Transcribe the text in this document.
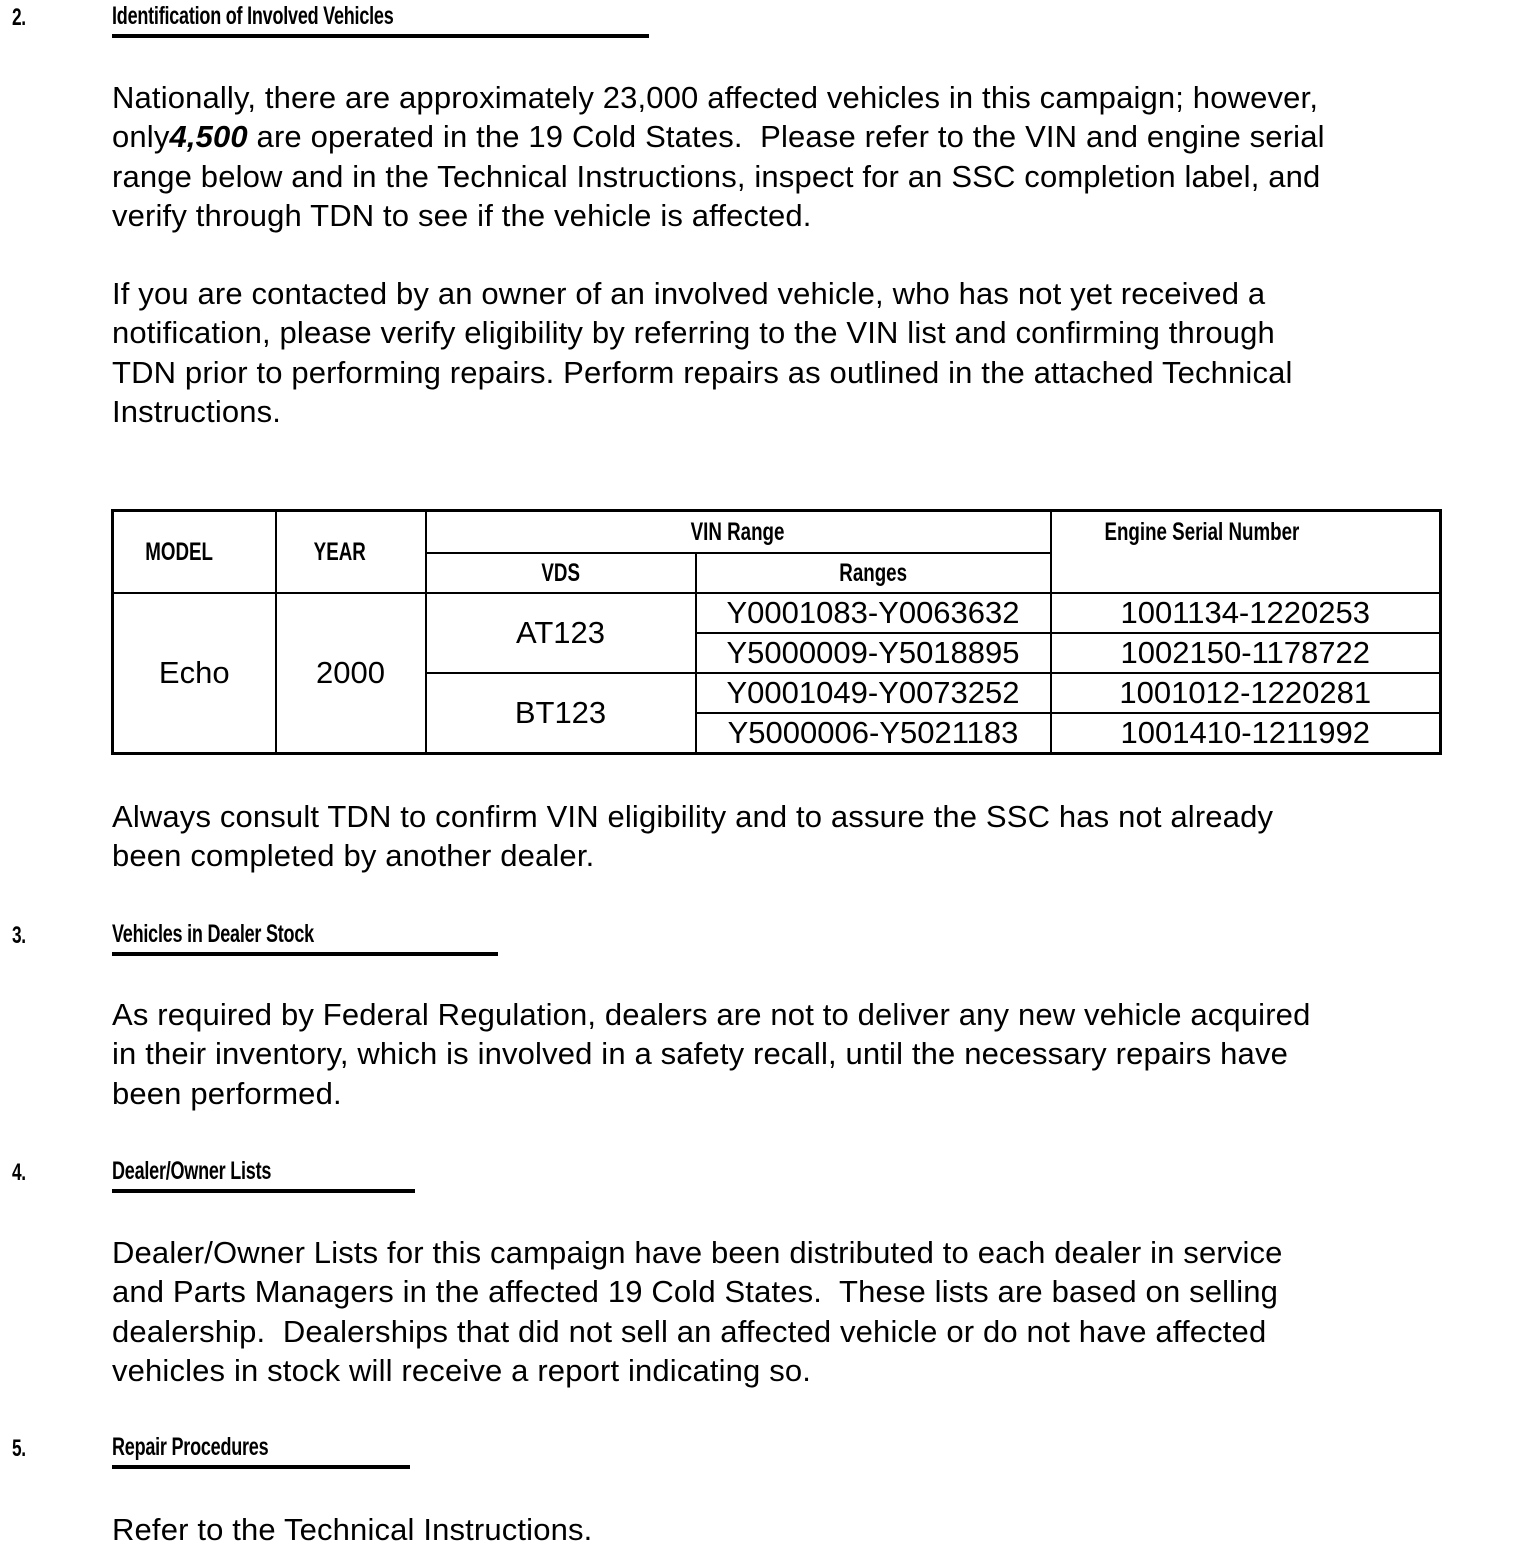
2.	Identification of Involved Vehicles
Nationally, there are approximately 23,000 affected vehicles in this campaign; however,
only4,500 are operated in the 19 Cold States.  Please refer to the VIN and engine serial
range below and in the Technical Instructions, inspect for an SSC completion label, and
verify through TDN to see if the vehicle is affected.
If you are contacted by an owner of an involved vehicle, who has not yet received a
notification, please verify eligibility by referring to the VIN list and confirming through
TDN prior to performing repairs. Perform repairs as outlined in the attached Technical
Instructions.
MODEL	YEAR	VIN Range		Engine Serial Number
		VDS	Ranges	
Echo	2000	AT123	Y0001083-Y0063632	1001134-1220253
			Y5000009-Y5018895	1002150-1178722
		BT123	Y0001049-Y0073252	1001012-1220281
			Y5000006-Y5021183	1001410-1211992
Always consult TDN to confirm VIN eligibility and to assure the SSC has not already
been completed by another dealer.
3.	Vehicles in Dealer Stock
As required by Federal Regulation, dealers are not to deliver any new vehicle acquired
in their inventory, which is involved in a safety recall, until the necessary repairs have
been performed.
4.	Dealer/Owner Lists
Dealer/Owner Lists for this campaign have been distributed to each dealer in service
and Parts Managers in the affected 19 Cold States.  These lists are based on selling
dealership.  Dealerships that did not sell an affected vehicle or do not have affected
vehicles in stock will receive a report indicating so.
5.	Repair Procedures
Refer to the Technical Instructions.
